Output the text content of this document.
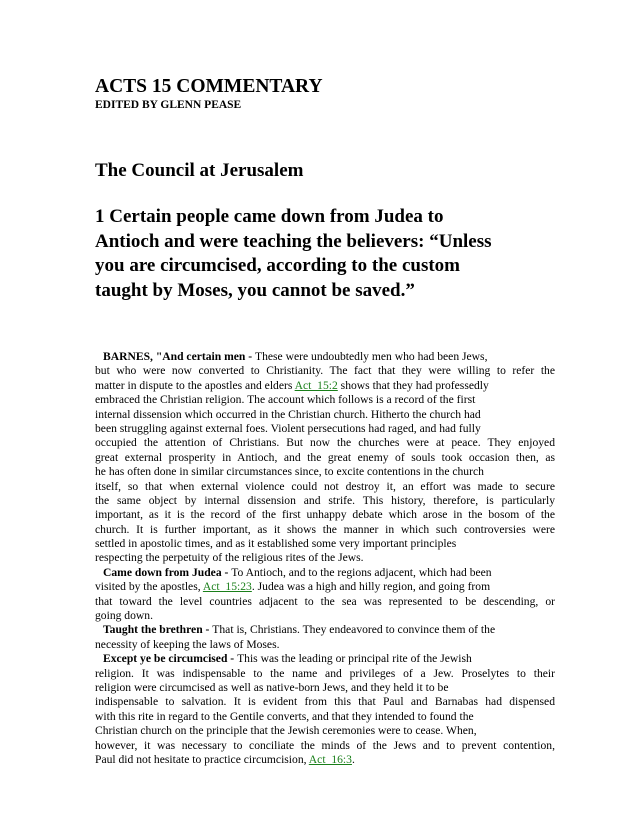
ACTS 15 COMMENTARY
EDITED BY GLENN PEASE
The Council at Jerusalem
1 Certain people came down from Judea to
Antioch and were teaching the believers: “Unless
you are circumcised, according to the custom
taught by Moses, you cannot be saved.”
BARNES, "And certain men - These were undoubtedly men who had been Jews,
but who were now converted to Christianity. The fact that they were willing to refer the
matter in dispute to the apostles and elders Act_15:2 shows that they had professedly
embraced the Christian religion. The account which follows is a record of the first
internal dissension which occurred in the Christian church. Hitherto the church had
been struggling against external foes. Violent persecutions had raged, and had fully
occupied the attention of Christians. But now the churches were at peace. They enjoyed
great external prosperity in Antioch, and the great enemy of souls took occasion then, as
he has often done in similar circumstances since, to excite contentions in the church
itself, so that when external violence could not destroy it, an effort was made to secure
the same object by internal dissension and strife. This history, therefore, is particularly
important, as it is the record of the first unhappy debate which arose in the bosom of the
church. It is further important, as it shows the manner in which such controversies were
settled in apostolic times, and as it established some very important principles
respecting the perpetuity of the religious rites of the Jews.
Came down from Judea - To Antioch, and to the regions adjacent, which had been
visited by the apostles, Act_15:23. Judea was a high and hilly region, and going from
that toward the level countries adjacent to the sea was represented to be descending, or
going down.
Taught the brethren - That is, Christians. They endeavored to convince them of the
necessity of keeping the laws of Moses.
Except ye be circumcised - This was the leading or principal rite of the Jewish
religion. It was indispensable to the name and privileges of a Jew. Proselytes to their
religion were circumcised as well as native-born Jews, and they held it to be
indispensable to salvation. It is evident from this that Paul and Barnabas had dispensed
with this rite in regard to the Gentile converts, and that they intended to found the
Christian church on the principle that the Jewish ceremonies were to cease. When,
however, it was necessary to conciliate the minds of the Jews and to prevent contention,
Paul did not hesitate to practice circumcision, Act_16:3.
